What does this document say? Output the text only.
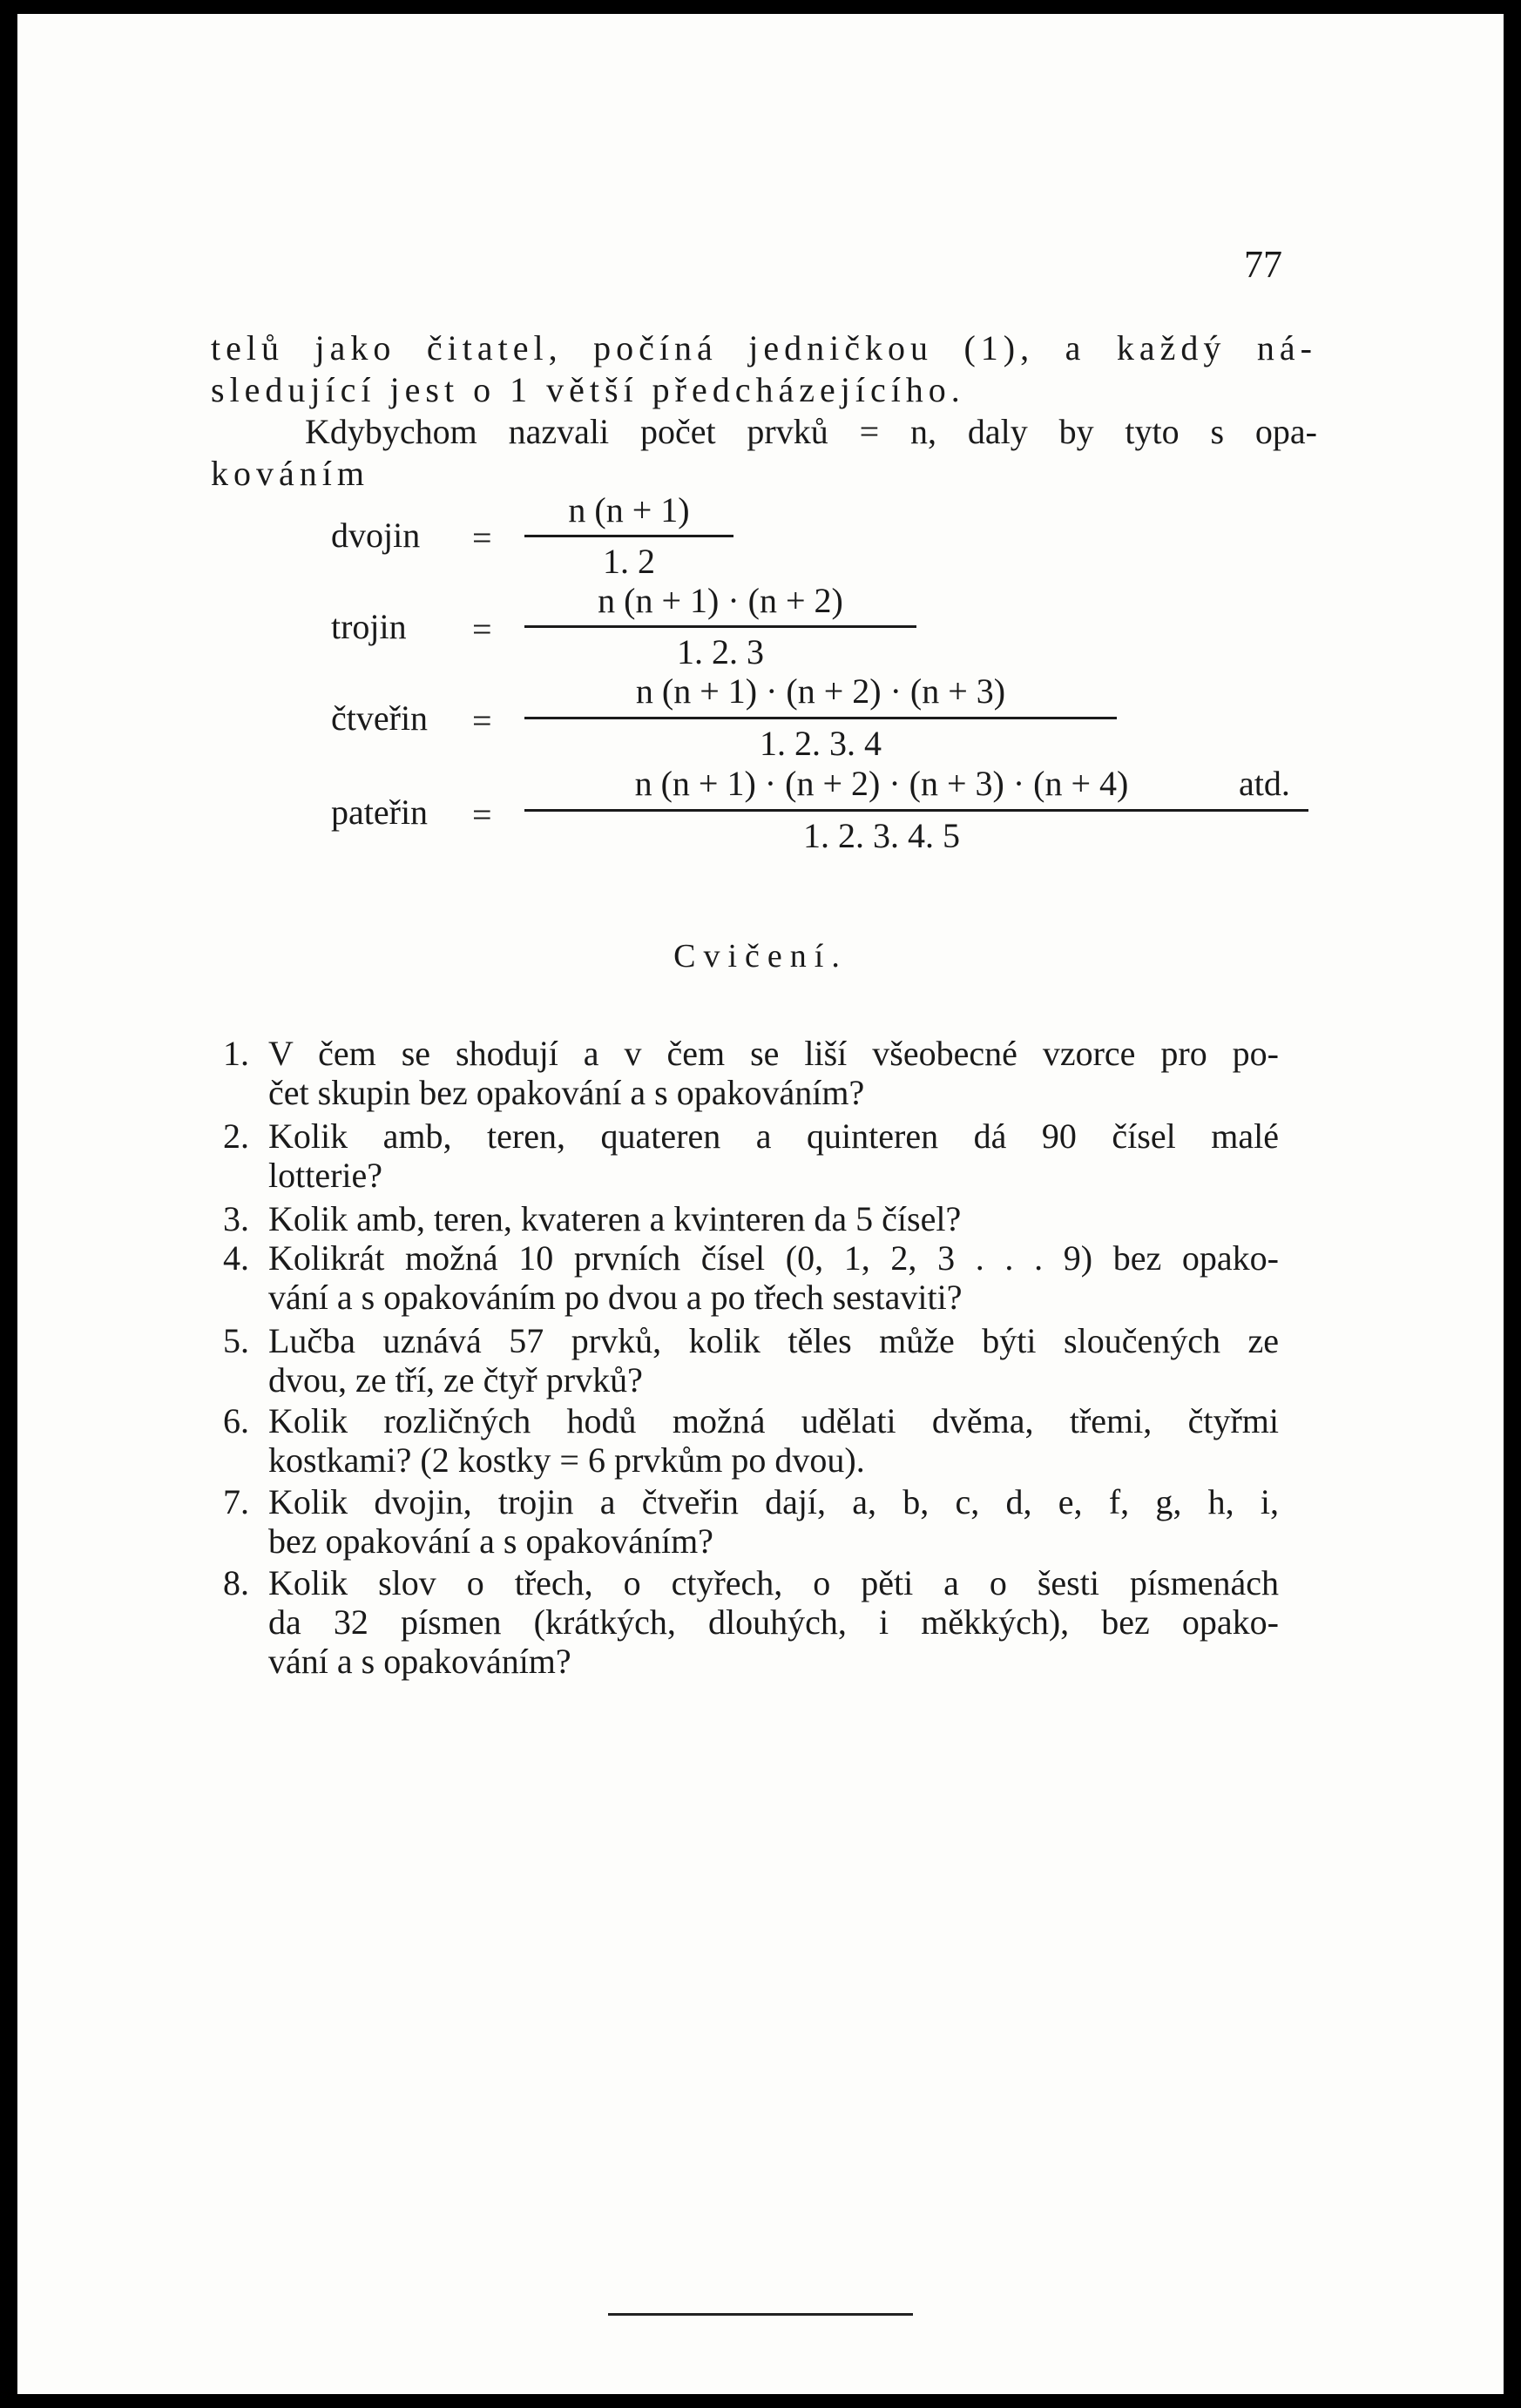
77
telů jako čitatel, počíná jedničkou (1), a každý ná-
sledující jest o 1 větší předcházejícího.
Kdybychom nazvali počet prvků = n, daly by tyto s opa-
kováním
dvojin =
n (n + 1)
1. 2
trojin =
n (n + 1) · (n + 2)
1. 2. 3
čtveřin =
n (n + 1) · (n + 2) · (n + 3)
1. 2. 3. 4
pateřin =
n (n + 1) · (n + 2) · (n + 3) · (n + 4)
1. 2. 3. 4. 5
atd.
Cvičení.
1. V čem se shodují a v čem se liší všeobecné vzorce pro po-
čet skupin bez opakování a s opakováním?
2. Kolik amb, teren, quateren a quinteren dá 90 čísel malé
lotterie?
3. Kolik amb, teren, kvateren a kvinteren da 5 čísel?
4. Kolikrát možná 10 prvních čísel (0, 1, 2, 3 . . . 9) bez opako-
vání a s opakováním po dvou a po třech sestaviti?
5. Lučba uznává 57 prvků, kolik těles může býti sloučených ze
dvou, ze tří, ze čtyř prvků?
6. Kolik rozličných hodů možná udělati dvěma, třemi, čtyřmi
kostkami? (2 kostky = 6 prvkům po dvou).
7. Kolik dvojin, trojin a čtveřin dají, a, b, c, d, e, f, g, h, i,
bez opakování a s opakováním?
8. Kolik slov o třech, o ctyřech, o pěti a o šesti písmenách
da 32 písmen (krátkých, dlouhých, i měkkých), bez opako-
vání a s opakováním?
